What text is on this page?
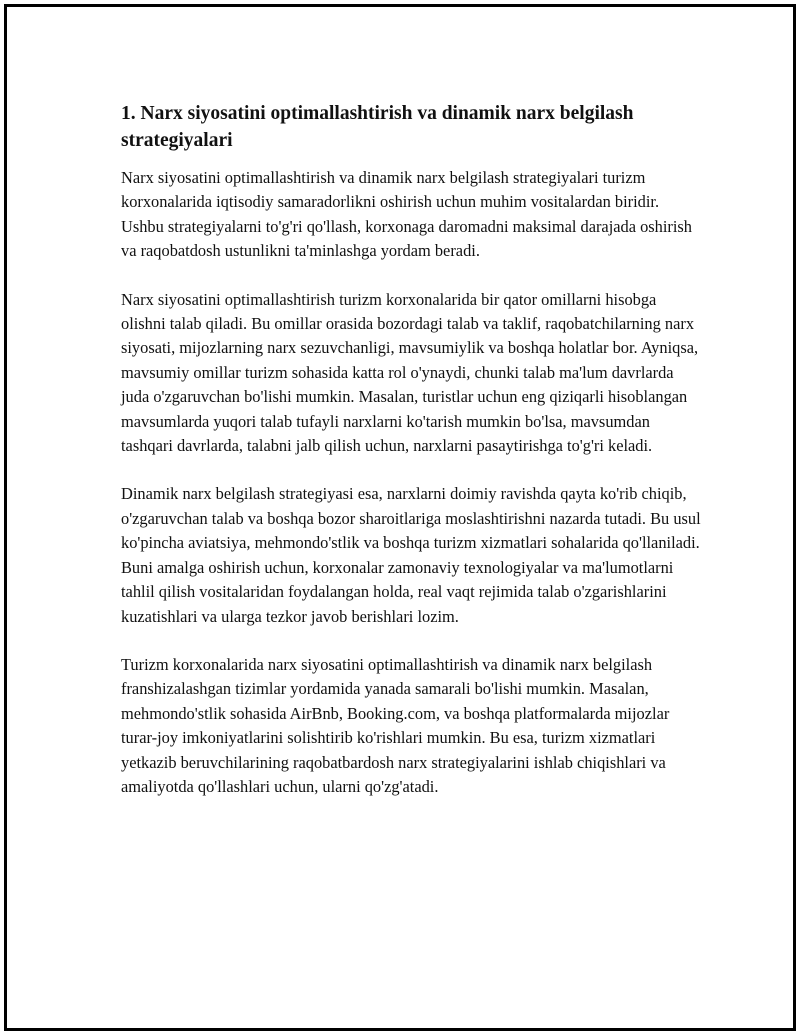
1. Narx siyosatini optimallashtirish va dinamik narx belgilash strategiyalari

Narx siyosatini optimallashtirish va dinamik narx belgilash strategiyalari turizm korxonalarida iqtisodiy samaradorlikni oshirish uchun muhim vositalardan biridir. Ushbu strategiyalarni to'g'ri qo'llash, korxonaga daromadni maksimal darajada oshirish va raqobatdosh ustunlikni ta'minlashga yordam beradi.

Narx siyosatini optimallashtirish turizm korxonalarida bir qator omillarni hisobga olishni talab qiladi. Bu omillar orasida bozordagi talab va taklif, raqobatchilarning narx siyosati, mijozlarning narx sezuvchanligi, mavsumiylik va boshqa holatlar bor. Ayniqsa, mavsumiy omillar turizm sohasida katta rol o'ynaydi, chunki talab ma'lum davrlarda juda o'zgaruvchan bo'lishi mumkin. Masalan, turistlar uchun eng qiziqarli hisoblangan mavsumlarda yuqori talab tufayli narxlarni ko'tarish mumkin bo'lsa, mavsumdan tashqari davrlarda, talabni jalb qilish uchun, narxlarni pasaytirishga to'g'ri keladi.

Dinamik narx belgilash strategiyasi esa, narxlarni doimiy ravishda qayta ko'rib chiqib, o'zgaruvchan talab va boshqa bozor sharoitlariga moslashtirishni nazarda tutadi. Bu usul ko'pincha aviatsiya, mehmondo'stlik va boshqa turizm xizmatlari sohalarida qo'llaniladi. Buni amalga oshirish uchun, korxonalar zamonaviy texnologiyalar va ma'lumotlarni tahlil qilish vositalaridan foydalangan holda, real vaqt rejimida talab o'zgarishlarini kuzatishlari va ularga tezkor javob berishlari lozim.

Turizm korxonalarida narx siyosatini optimallashtirish va dinamik narx belgilash franshizalashgan tizimlar yordamida yanada samarali bo'lishi mumkin. Masalan, mehmondo'stlik sohasida AirBnb, Booking.com, va boshqa platformalarda mijozlar turar-joy imkoniyatlarini solishtirib ko'rishlari mumkin. Bu esa, turizm xizmatlari yetkazib beruvchilarining raqobatbardosh narx strategiyalarini ishlab chiqishlari va amaliyotda qo'llashlari uchun, ularni qo'zg'atadi.
